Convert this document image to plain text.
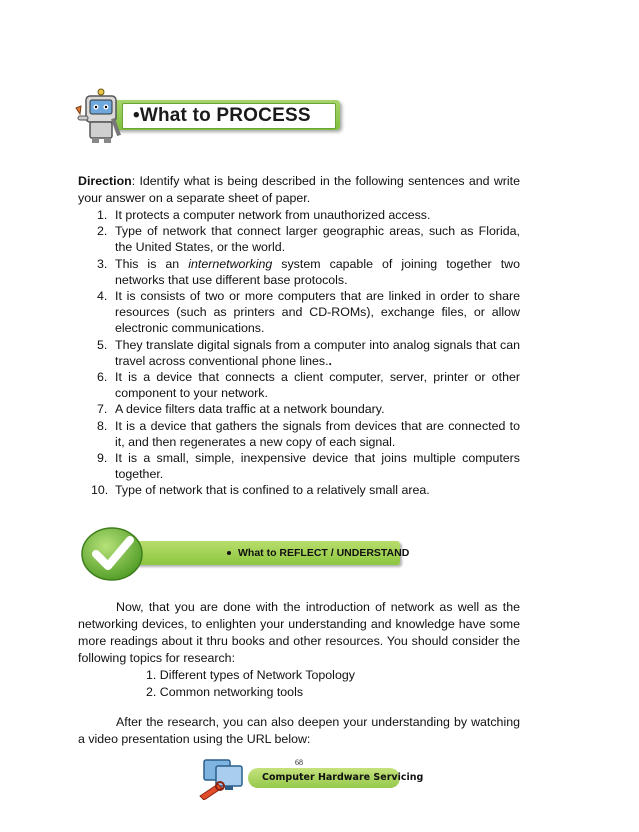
•What to PROCESS
Direction: Identify what is being described in the following sentences and write your answer on a separate sheet of paper.
1. It protects a computer network from unauthorized access.
2. Type of network that connect larger geographic areas, such as Florida, the United States, or the world.
3. This is an internetworking system capable of joining together two networks that use different base protocols.
4. It is consists of two or more computers that are linked in order to share resources (such as printers and CD-ROMs), exchange files, or allow electronic communications.
5. They translate digital signals from a computer into analog signals that can travel across conventional phone lines..
6. It is a device that connects a client computer, server, printer or other component to your network.
7. A device filters data traffic at a network boundary.
8. It is a device that gathers the signals from devices that are connected to it, and then regenerates a new copy of each signal.
9. It is a small, simple, inexpensive device that joins multiple computers together.
10. Type of network that is confined to a relatively small area.
What to REFLECT / UNDERSTAND
Now, that you are done with the introduction of network as well as the networking devices, to enlighten your understanding and knowledge have some more readings about it thru books and other resources. You should consider the following topics for research:
1. Different types of Network Topology
2. Common networking tools
After the research, you can also deepen your understanding by watching a video presentation using the URL below:
Computer Hardware Servicing
68
